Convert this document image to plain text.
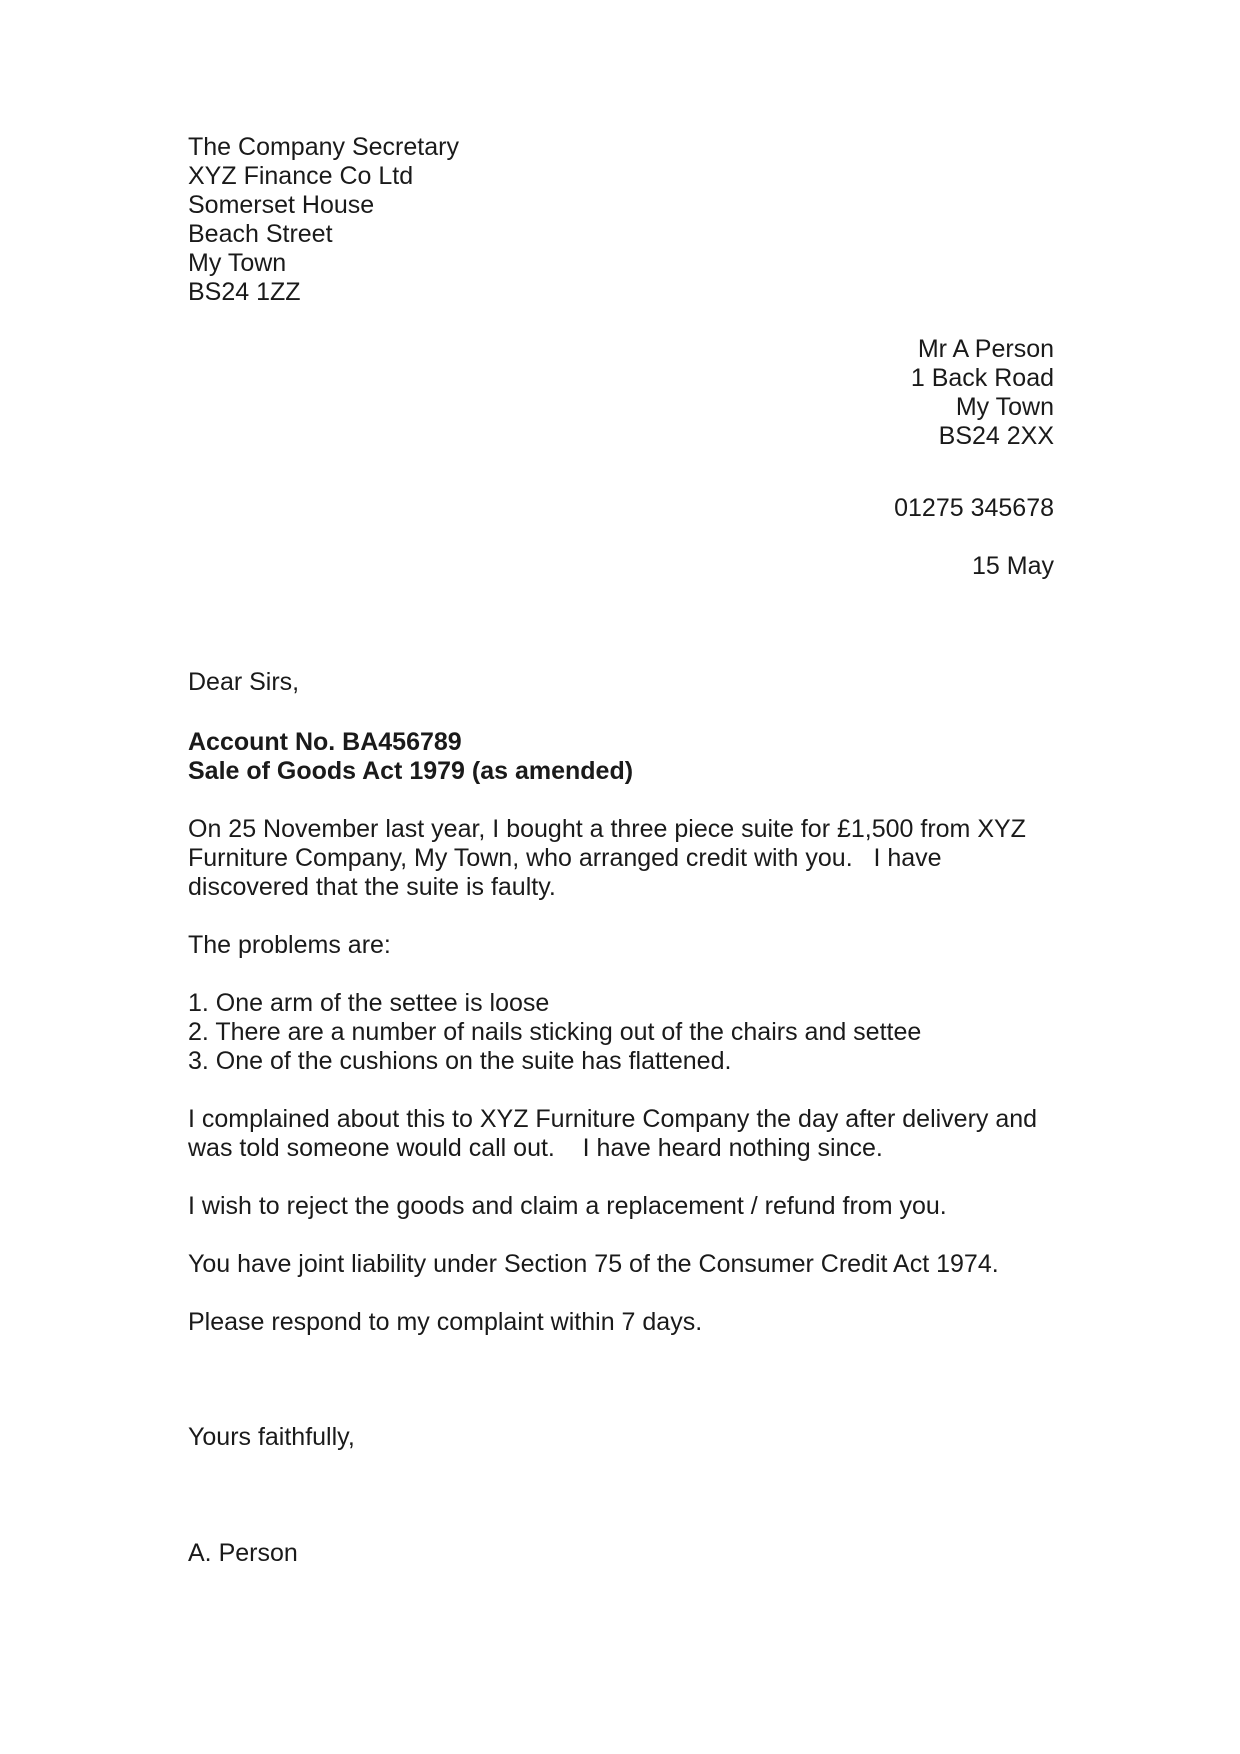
The Company Secretary
XYZ Finance Co Ltd
Somerset House
Beach Street
My Town
BS24 1ZZ
Mr A Person
1 Back Road
My Town
BS24 2XX
01275 345678
15 May
Dear Sirs,
Account No. BA456789
Sale of Goods Act 1979 (as amended)
On 25 November last year, I bought a three piece suite for £1,500 from XYZ
Furniture Company, My Town, who arranged credit with you.   I have
discovered that the suite is faulty.
The problems are:
1. One arm of the settee is loose
2. There are a number of nails sticking out of the chairs and settee
3. One of the cushions on the suite has flattened.
I complained about this to XYZ Furniture Company the day after delivery and
was told someone would call out.    I have heard nothing since.
I wish to reject the goods and claim a replacement / refund from you.
You have joint liability under Section 75 of the Consumer Credit Act 1974.
Please respond to my complaint within 7 days.
Yours faithfully,
A. Person
